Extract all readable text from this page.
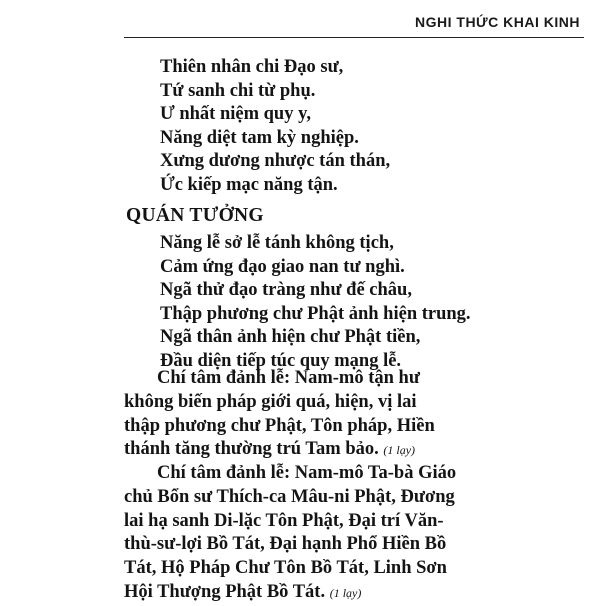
NGHI THỨC KHAI KINH
Thiên nhân chi Đạo sư,
Tứ sanh chi từ phụ.
Ư nhất niệm quy y,
Năng diệt tam kỳ nghiệp.
Xưng dương nhược tán thán,
Ức kiếp mạc năng tận.
QUÁN TƯỞNG
Năng lễ sở lễ tánh không tịch,
Cảm ứng đạo giao nan tư nghì.
Ngã thử đạo tràng như đế châu,
Thập phương chư Phật ảnh hiện trung.
Ngã thân ảnh hiện chư Phật tiền,
Đầu diện tiếp túc quy mạng lễ.
Chí tâm đảnh lễ: Nam-mô tận hư
không biến pháp giới quá, hiện, vị lai
thập phương chư Phật, Tôn pháp, Hiền
thánh tăng thường trú Tam bảo. (1 lạy)
Chí tâm đảnh lễ: Nam-mô Ta-bà Giáo
chủ Bổn sư Thích-ca Mâu-ni Phật, Đương
lai hạ sanh Di-lặc Tôn Phật, Đại trí Văn-
thù-sư-lợi Bồ Tát, Đại hạnh Phổ Hiền Bồ
Tát, Hộ Pháp Chư Tôn Bồ Tát, Linh Sơn
Hội Thượng Phật Bồ Tát. (1 lạy)
